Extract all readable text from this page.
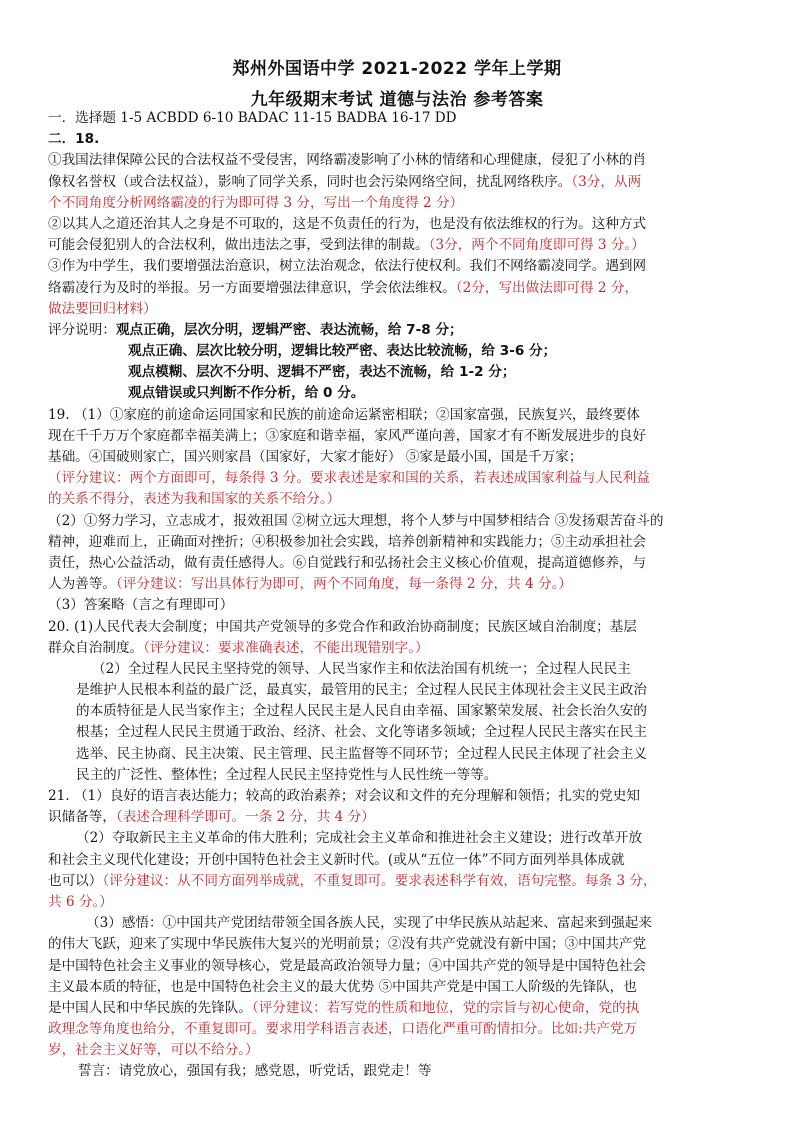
郑州外国语中学 2021-2022 学年上学期
九年级期末考试 道德与法治 参考答案
一．选择题 1-5 ACBDD 6-10 BADAC 11-15 BADBA 16-17 DD
二．18.
①我国法律保障公民的合法权益不受侵害，网络霸凌影响了小林的情绪和心理健康，侵犯了小林的肖
像权名誉权（或合法权益），影响了同学关系，同时也会污染网络空间，扰乱网络秩序。（3分，从两
个不同角度分析网络霸凌的行为即可得 3 分，写出一个角度得 2 分）
②以其人之道还治其人之身是不可取的，这是不负责任的行为，也是没有依法维权的行为。这种方式
可能会侵犯别人的合法权利，做出违法之事，受到法律的制裁。（3分，两个不同角度即可得 3 分。）
③作为中学生，我们要增强法治意识，树立法治观念，依法行使权利。我们不网络霸凌同学。遇到网
络霸凌行为及时的举报。另一方面要增强法律意识，学会依法维权。（2分，写出做法即可得 2 分，
做法要回归材料）
评分说明：观点正确，层次分明，逻辑严密、表达流畅，给 7-8 分；
观点正确、层次比较分明，逻辑比较严密、表达比较流畅，给 3-6 分；
观点模糊、层次不分明、逻辑不严密，表达不流畅，给 1-2 分；
观点错误或只判断不作分析，给 0 分。
19. （1）①家庭的前途命运同国家和民族的前途命运紧密相联；②国家富强，民族复兴，最终要体
现在千千万万个家庭都幸福美满上；③家庭和谐幸福，家风严谨向善，国家才有不断发展进步的良好
基础。④国破则家亡，国兴则家昌（国家好，大家才能好） ⑤家是最小国，国是千万家；
（评分建议：两个方面即可，每条得 3 分。要求表述是家和国的关系，若表述成国家利益与人民利益
的关系不得分，表述为我和国家的关系不给分。）
（2）①努力学习，立志成才，报效祖国 ②树立远大理想，将个人梦与中国梦相结合 ③发扬艰苦奋斗的
精神，迎难而上，正确面对挫折；④积极参加社会实践，培养创新精神和实践能力；⑤主动承担社会
责任，热心公益活动，做有责任感得人。⑥自觉践行和弘扬社会主义核心价值观，提高道德修养，与
人为善等。（评分建议：写出具体行为即可，两个不同角度，每一条得 2 分，共 4 分。）
（3）答案略（言之有理即可）
20. (1)人民代表大会制度；中国共产党领导的多党合作和政治协商制度；民族区域自治制度；基层
群众自治制度。（评分建议：要求准确表述，不能出现错别字。）
（2）全过程人民民主坚持党的领导、人民当家作主和依法治国有机统一；全过程人民民主
是维护人民根本利益的最广泛，最真实，最管用的民主；全过程人民民主体现社会主义民主政治
的本质特征是人民当家作主；全过程人民民主是人民自由幸福、国家繁荣发展、社会长治久安的
根基；全过程人民民主贯通于政治、经济、社会、文化等诸多领域；全过程人民民主落实在民主
选举、民主协商、民主决策、民主管理、民主监督等不同环节；全过程人民民主体现了社会主义
民主的广泛性、整体性；全过程人民民主坚持党性与人民性统一等等。
21. （1）良好的语言表达能力；较高的政治素养；对会议和文件的充分理解和领悟；扎实的党史知
识储备等，（表述合理科学即可。一条 2 分，共 4 分）
（2）夺取新民主主义革命的伟大胜利；完成社会主义革命和推进社会主义建设；进行改革开放
和社会主义现代化建设；开创中国特色社会主义新时代。(或从“五位一体”不同方面列举具体成就
也可以）（评分建议：从不同方面列举成就，不重复即可。要求表述科学有效，语句完整。每条 3 分，
共 6 分。）
（3）感悟：①中国共产党团结带领全国各族人民，实现了中华民族从站起来、富起来到强起来
的伟大飞跃，迎来了实现中华民族伟大复兴的光明前景；②没有共产党就没有新中国；③中国共产党
是中国特色社会主义事业的领导核心，党是最高政治领导力量；④中国共产党的领导是中国特色社会
主义最本质的特征，也是中国特色社会主义的最大优势 ⑤中国共产党是中国工人阶级的先锋队，也
是中国人民和中华民族的先锋队。（评分建议：若写党的性质和地位，党的宗旨与初心使命，党的执
政理念等角度也给分，不重复即可。要求用学科语言表述，口语化严重可酌情扣分。比如:共产党万
岁，社会主义好等，可以不给分。）
誓言：请党放心，强国有我；感党恩，听党话，跟党走！等
